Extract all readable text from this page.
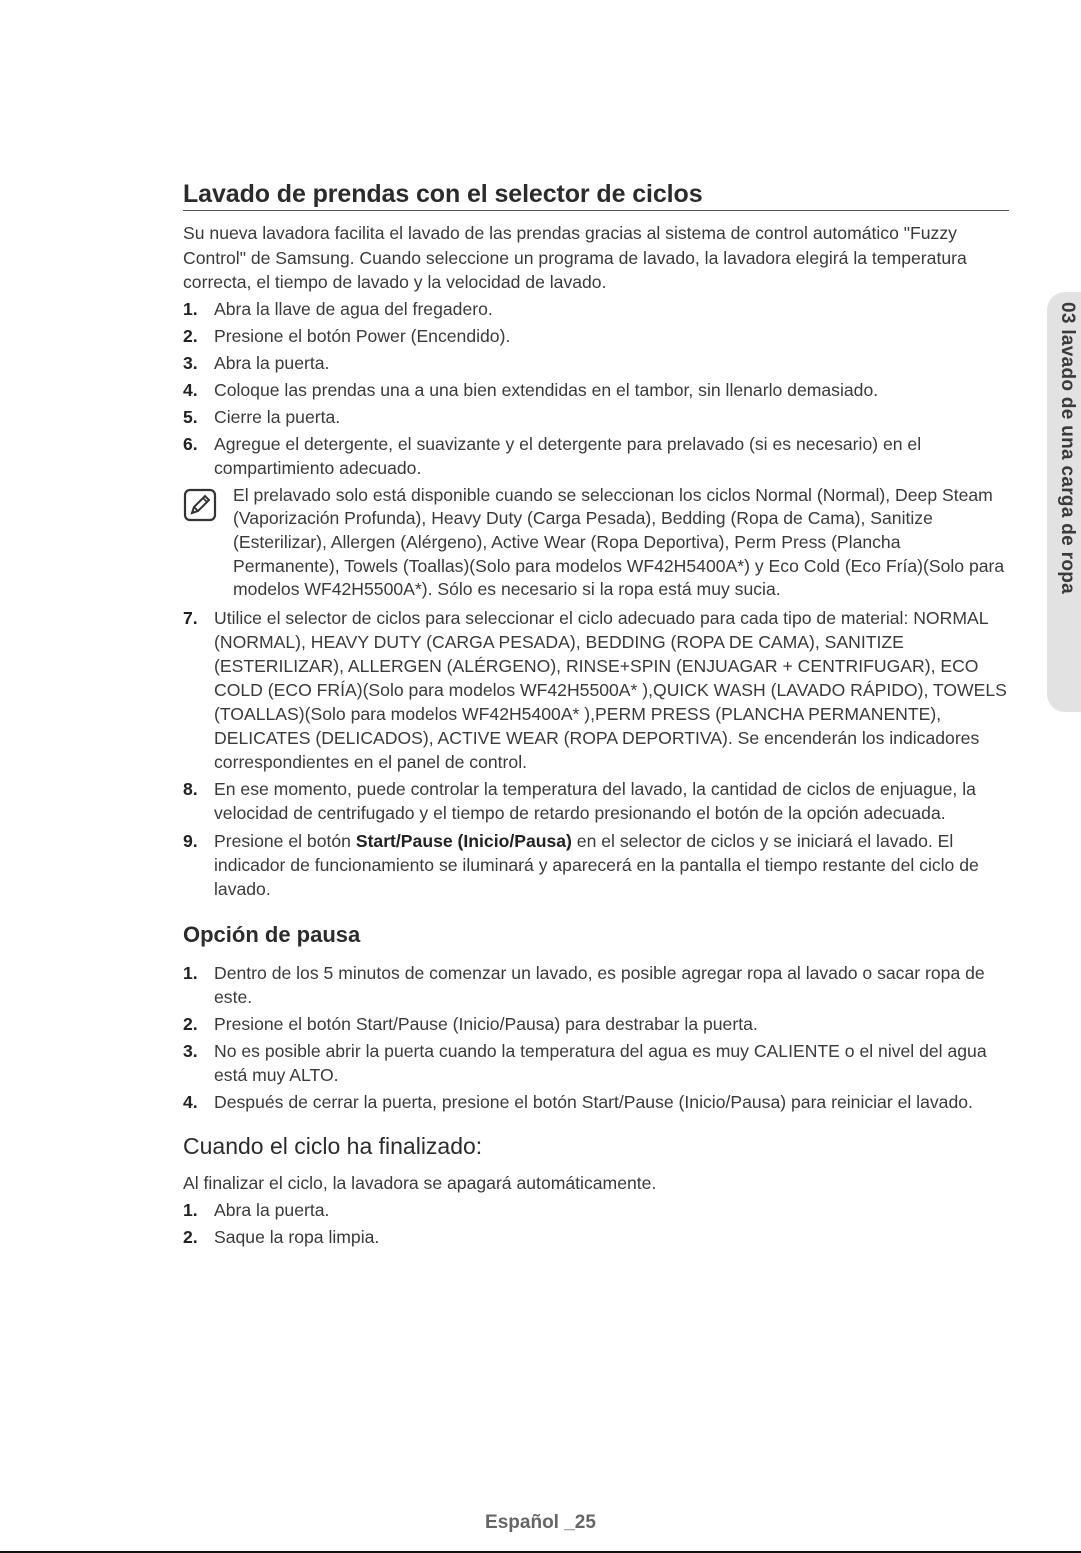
03 lavado de una carga de ropa
Lavado de prendas con el selector de ciclos

Su nueva lavadora facilita el lavado de las prendas gracias al sistema de control automático "Fuzzy Control" de Samsung. Cuando seleccione un programa de lavado, la lavadora elegirá la temperatura correcta, el tiempo de lavado y la velocidad de lavado.

1. Abra la llave de agua del fregadero.
2. Presione el botón Power (Encendido).
3. Abra la puerta.
4. Coloque las prendas una a una bien extendidas en el tambor, sin llenarlo demasiado.
5. Cierre la puerta.
6. Agregue el detergente, el suavizante y el detergente para prelavado (si es necesario) en el compartimiento adecuado.
El prelavado solo está disponible cuando se seleccionan los ciclos Normal (Normal), Deep Steam (Vaporización Profunda), Heavy Duty (Carga Pesada), Bedding (Ropa de Cama), Sanitize (Esterilizar), Allergen (Alérgeno), Active Wear (Ropa Deportiva), Perm Press (Plancha Permanente), Towels (Toallas)(Solo para modelos WF42H5400A*) y Eco Cold (Eco Fría)(Solo para modelos WF42H5500A*). Sólo es necesario si la ropa está muy sucia.
7. Utilice el selector de ciclos para seleccionar el ciclo adecuado para cada tipo de material: NORMAL (NORMAL), HEAVY DUTY (CARGA PESADA), BEDDING (ROPA DE CAMA), SANITIZE (ESTERILIZAR), ALLERGEN (ALÉRGENO), RINSE+SPIN (ENJUAGAR + CENTRIFUGAR), ECO COLD (ECO FRÍA)(Solo para modelos WF42H5500A* ),QUICK WASH (LAVADO RÁPIDO), TOWELS (TOALLAS)(Solo para modelos WF42H5400A* ),PERM PRESS (PLANCHA PERMANENTE), DELICATES (DELICADOS), ACTIVE WEAR (ROPA DEPORTIVA). Se encenderán los indicadores correspondientes en el panel de control.
8. En ese momento, puede controlar la temperatura del lavado, la cantidad de ciclos de enjuague, la velocidad de centrifugado y el tiempo de retardo presionando el botón de la opción adecuada.
9. Presione el botón Start/Pause (Inicio/Pausa) en el selector de ciclos y se iniciará el lavado. El indicador de funcionamiento se iluminará y aparecerá en la pantalla el tiempo restante del ciclo de lavado.
Opción de pausa
1. Dentro de los 5 minutos de comenzar un lavado, es posible agregar ropa al lavado o sacar ropa de este.
2. Presione el botón Start/Pause (Inicio/Pausa) para destrabar la puerta.
3. No es posible abrir la puerta cuando la temperatura del agua es muy CALIENTE o el nivel del agua está muy ALTO.
4. Después de cerrar la puerta, presione el botón Start/Pause (Inicio/Pausa) para reiniciar el lavado.
Cuando el ciclo ha finalizado:

Al finalizar el ciclo, la lavadora se apagará automáticamente.

1. Abra la puerta.
2. Saque la ropa limpia.
Español _25
